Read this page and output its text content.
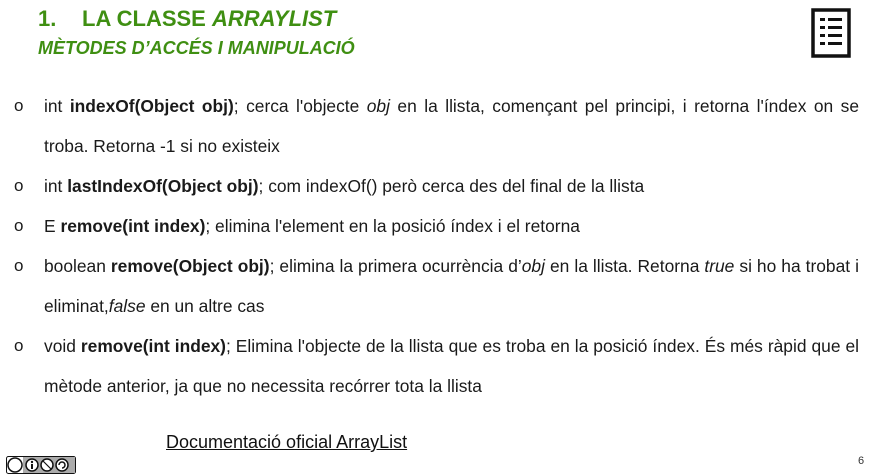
1. LA CLASSE ARRAYLIST
MÈTODES D’ACCÉS I MANIPULACIÓ
o int indexOf(Object obj); cerca l'objecte obj en la llista, començant pel principi, i retorna l'índex on se troba. Retorna -1 si no existeix
o int lastIndexOf(Object obj); com indexOf() però cerca des del final de la llista
o E remove(int index); elimina l'element en la posició índex i el retorna
o boolean remove(Object obj); elimina la primera ocurrència d’obj en la llista. Retorna true si ho ha trobat i eliminat,false en un altre cas
o void remove(int index); Elimina l'objecte de la llista que es troba en la posició índex. És més ràpid que el mètode anterior, ja que no necessita recórrer tota la llista
Documentació oficial ArrayList
6
